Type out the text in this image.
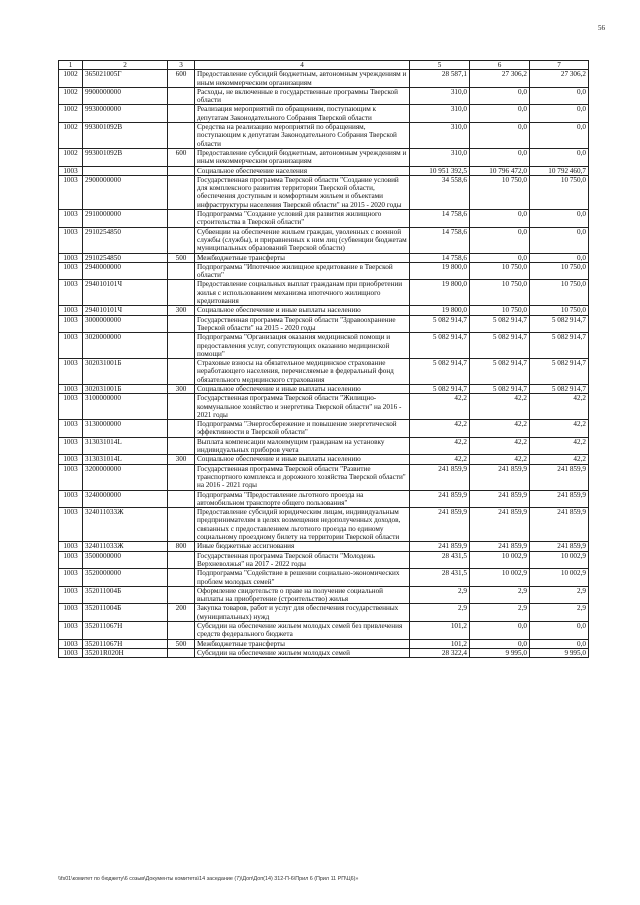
56
1	2	3	4	5	6	7
1002	365021005Г	600	Предоставление субсидий бюджетным, автономным учреждениям и иным некоммерческим организациям	28 587,1	27 306,2	27 306,2
1002	9900000000		Расходы, не включенные в государственные программы Тверской области	310,0	0,0	0,0
1002	9930000000		Реализация мероприятий по обращениям, поступающим к депутатам Законодательного Собрания Тверской области	310,0	0,0	0,0
1002	993001092В		Средства на реализацию мероприятий по обращениям, поступающим к депутатам Законодательного Собрания Тверской области	310,0	0,0	0,0
1002	993001092В	600	Предоставление субсидий бюджетным, автономным учреждениям и иным некоммерческим организациям	310,0	0,0	0,0
1003			Социальное обеспечение населения	10 951 392,5	10 796 472,0	10 792 460,7
1003	2900000000		Государственная программа Тверской области "Создание условий для комплексного развития территории Тверской области, обеспечения доступным и комфортным жильем и объектами инфраструктуры населения Тверской области" на 2015 - 2020 годы	34 558,6	10 750,0	10 750,0
1003	2910000000		Подпрограмма "Создание условий для развития жилищного строительства в Тверской области"	14 758,6	0,0	0,0
1003	2910254850		Субвенции на обеспечение жильем граждан, уволенных с военной службы (службы), и приравненных к ним лиц (субвенции бюджетам муниципальных образований Тверской области)	14 758,6	0,0	0,0
1003	2910254850	500	Межбюджетные трансферты	14 758,6	0,0	0,0
1003	2940000000		Подпрограмма "Ипотечное жилищное кредитование в Тверской области"	19 800,0	10 750,0	10 750,0
1003	294010101Ч		Предоставление социальных выплат гражданам при приобретении жилья с использованием механизма ипотечного жилищного кредитования	19 800,0	10 750,0	10 750,0
1003	294010101Ч	300	Социальное обеспечение и иные выплаты населению	19 800,0	10 750,0	10 750,0
1003	3000000000		Государственная программа Тверской области "Здравоохранение Тверской области" на 2015 - 2020 годы	5 082 914,7	5 082 914,7	5 082 914,7
1003	3020000000		Подпрограмма "Организация оказания медицинской помощи и предоставления услуг, сопутствующих оказанию медицинской помощи"	5 082 914,7	5 082 914,7	5 082 914,7
1003	302031001Б		Страховые взносы на обязательное медицинское страхование неработающего населения, перечисляемые в федеральный фонд обязательного медицинского страхования	5 082 914,7	5 082 914,7	5 082 914,7
1003	302031001Б	300	Социальное обеспечение и иные выплаты населению	5 082 914,7	5 082 914,7	5 082 914,7
1003	3100000000		Государственная программа Тверской области "Жилищно-коммунальное хозяйство и энергетика Тверской области" на 2016 - 2021 годы	42,2	42,2	42,2
1003	3130000000		Подпрограмма "Энергосбережение и повышение энергетической эффективности в Тверской области"	42,2	42,2	42,2
1003	313031014L		Выплата компенсации малоимущим гражданам на установку индивидуальных приборов учета	42,2	42,2	42,2
1003	313031014L	300	Социальное обеспечение и иные выплаты населению	42,2	42,2	42,2
1003	3200000000		Государственная программа Тверской области "Развитие транспортного комплекса и дорожного хозяйства Тверской области" на 2016 - 2021 годы	241 859,9	241 859,9	241 859,9
1003	3240000000		Подпрограмма "Предоставление льготного проезда на автомобильном транспорте общего пользования"	241 859,9	241 859,9	241 859,9
1003	324011033Ж		Предоставление субсидий юридическим лицам, индивидуальным предпринимателям в целях возмещения недополученных доходов, связанных с предоставлением льготного проезда по единому социальному проездному билету на территории Тверской области	241 859,9	241 859,9	241 859,9
1003	324011033Ж	800	Иные бюджетные ассигнования	241 859,9	241 859,9	241 859,9
1003	3500000000		Государственная программа Тверской области "Молодежь Верхневолжья" на 2017 - 2022 годы	28 431,5	10 002,9	10 002,9
1003	3520000000		Подпрограмма "Содействие в решении социально-экономических проблем молодых семей"	28 431,5	10 002,9	10 002,9
1003	352011004Б		Оформление свидетельств о праве на получение социальной выплаты на приобретение (строительство) жилья	2,9	2,9	2,9
1003	352011004Б	200	Закупка товаров, работ и услуг для обеспечения государственных (муниципальных) нужд	2,9	2,9	2,9
1003	352011067Н		Субсидии на обеспечение жильем молодых семей без привлечения средств федерального бюджета	101,2	0,0	0,0
1003	352011067Н	500	Межбюджетные трансферты	101,2	0,0	0,0
1003	35201R020Н		Субсидии на обеспечение жильем молодых семей	28 322,4	9 995,0	9 995,0
\\fs01\комитет по бюджету\6 созыв\Документы комитета\14 заседание (7)\Доп\Доп(14) 312-П-6\Прил 6 (Прил 11 РП\Ц6)»
